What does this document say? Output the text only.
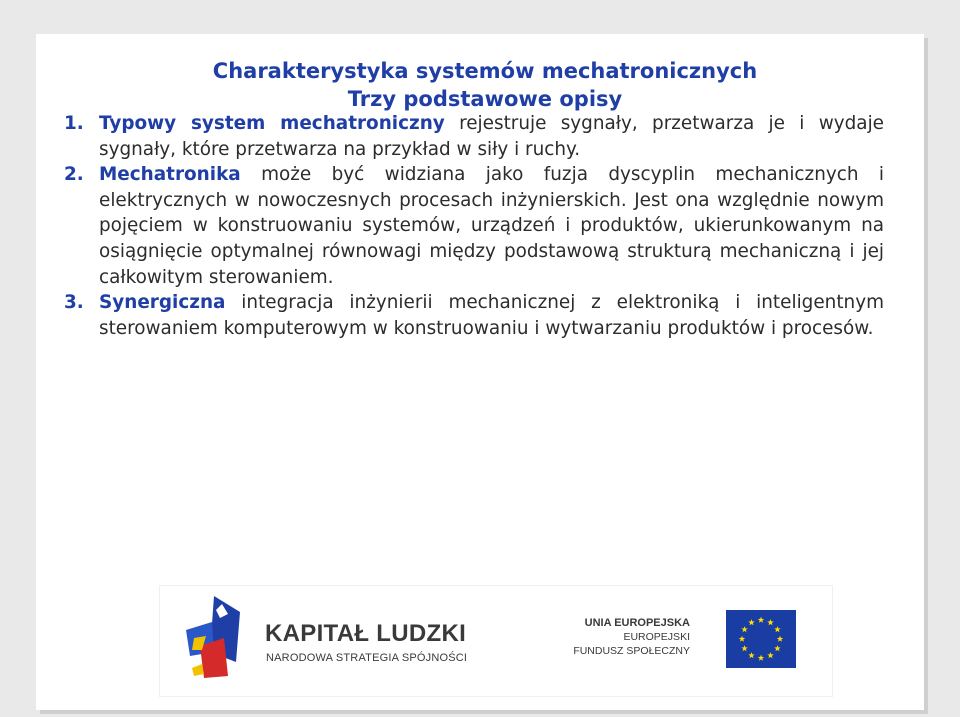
Charakterystyka systemów mechatronicznych
Trzy podstawowe opisy
1. Typowy system mechatroniczny rejestruje sygnały, przetwarza je i wydaje sygnały, które przetwarza na przykład w siły i ruchy.
2. Mechatronika może być widziana jako fuzja dyscyplin mechanicznych i elektrycznych w nowoczesnych procesach inżynierskich. Jest ona względnie nowym pojęciem w konstruowaniu systemów, urządzeń i produktów, ukierunkowanym na osiągnięcie optymalnej równowagi między podstawową strukturą mechaniczną i jej całkowitym sterowaniem.
3. Synergiczna integracja inżynierii mechanicznej z elektroniką i inteligentnym sterowaniem komputerowym w konstruowaniu i wytwarzaniu produktów i procesów.
KAPITAŁ LUDZKI
NARODOWA STRATEGIA SPÓJNOŚCI
UNIA EUROPEJSKA
EUROPEJSKI
FUNDUSZ SPOŁECZNY
